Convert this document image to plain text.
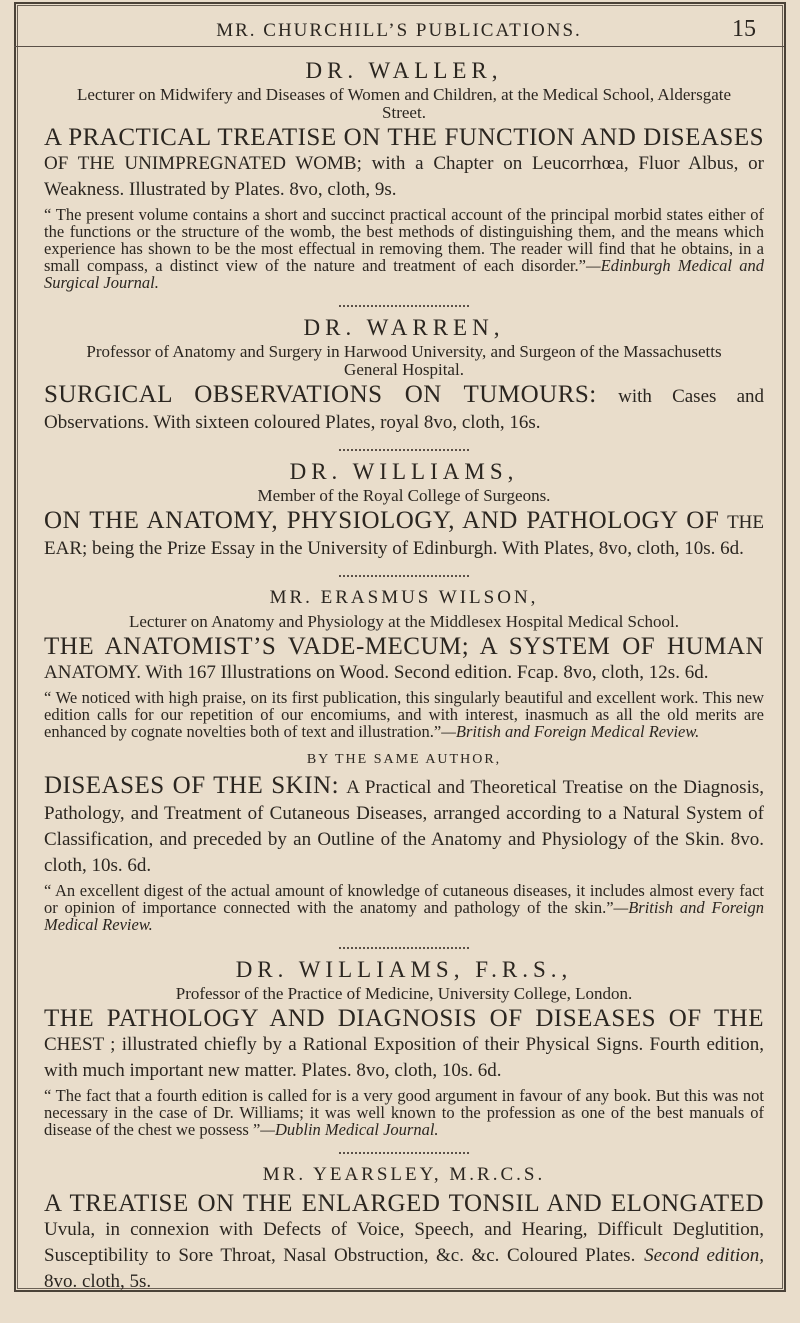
MR. CHURCHILL’S PUBLICATIONS.	15

DR. WALLER,

Lecturer on Midwifery and Diseases of Women and Children, at the Medical School, Aldersgate Street.

A PRACTICAL TREATISE ON THE FUNCTION AND DISEASES OF THE UNIMPREGNATED WOMB; with a Chapter on Leucorrhœa, Fluor Albus, or Weakness. Illustrated by Plates. 8vo, cloth, 9s.

“ The present volume contains a short and succinct practical account of the principal morbid states either of the functions or the structure of the womb, the best methods of distinguishing them, and the means which experience has shown to be the most effectual in removing them. The reader will find that he obtains, in a small compass, a distinct view of the nature and treatment of each disorder.”—Edinburgh Medical and Surgical Journal.

DR. WARREN,

Professor of Anatomy and Surgery in Harwood University, and Surgeon of the Massachusetts General Hospital.

SURGICAL OBSERVATIONS ON TUMOURS: with Cases and Observations. With sixteen coloured Plates, royal 8vo, cloth, 16s.

DR. WILLIAMS,

Member of the Royal College of Surgeons.

ON THE ANATOMY, PHYSIOLOGY, AND PATHOLOGY OF THE EAR; being the Prize Essay in the University of Edinburgh. With Plates, 8vo, cloth, 10s. 6d.

MR. ERASMUS WILSON,

Lecturer on Anatomy and Physiology at the Middlesex Hospital Medical School.

THE ANATOMIST’S VADE-MECUM; A SYSTEM OF HUMAN ANATOMY. With 167 Illustrations on Wood. Second edition. Fcap. 8vo, cloth, 12s. 6d.

“ We noticed with high praise, on its first publication, this singularly beautiful and excellent work. This new edition calls for our repetition of our encomiums, and with interest, inasmuch as all the old merits are enhanced by cognate novelties both of text and illustration.”—British and Foreign Medical Review.

BY THE SAME AUTHOR,

DISEASES OF THE SKIN: A Practical and Theoretical Treatise on the Diagnosis, Pathology, and Treatment of Cutaneous Diseases, arranged according to a Natural System of Classification, and preceded by an Outline of the Anatomy and Physiology of the Skin. 8vo. cloth, 10s. 6d.

“ An excellent digest of the actual amount of knowledge of cutaneous diseases, it includes almost every fact or opinion of importance connected with the anatomy and pathology of the skin.”—British and Foreign Medical Review.

DR. WILLIAMS, F.R.S.,

Professor of the Practice of Medicine, University College, London.

THE PATHOLOGY AND DIAGNOSIS OF DISEASES OF THE CHEST ; illustrated chiefly by a Rational Exposition of their Physical Signs. Fourth edition, with much important new matter. Plates. 8vo, cloth, 10s. 6d.

“ The fact that a fourth edition is called for is a very good argument in favour of any book. But this was not necessary in the case of Dr. Williams; it was well known to the profession as one of the best manuals of disease of the chest we possess ”—Dublin Medical Journal.

MR. YEARSLEY, M.R.C.S.

A TREATISE ON THE ENLARGED TONSIL AND ELONGATED Uvula, in connexion with Defects of Voice, Speech, and Hearing, Difficult Deglutition, Susceptibility to Sore Throat, Nasal Obstruction, &c. &c. Coloured Plates. Second edition, 8vo. cloth, 5s.
